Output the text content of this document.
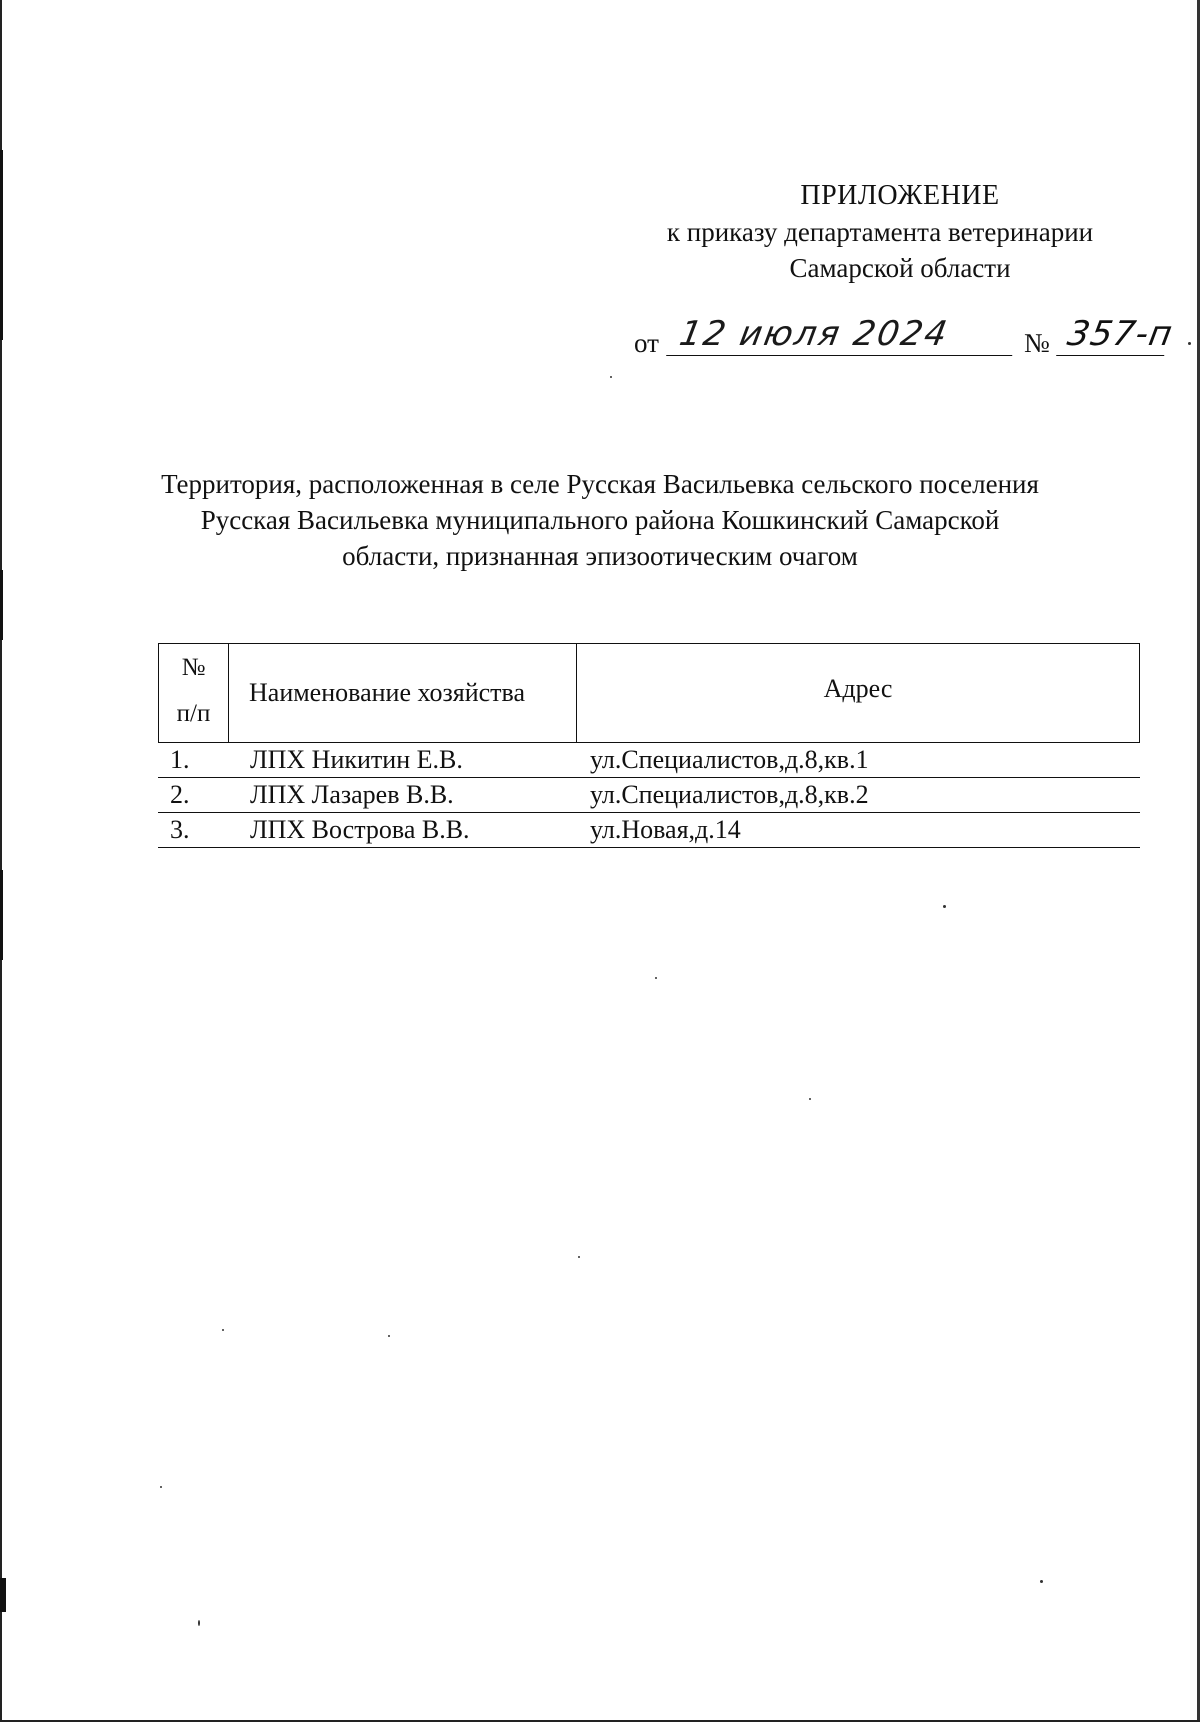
ПРИЛОЖЕНИЕ
к приказу департамента ветеринарии
Самарской области
от 12 июля 2024	№ 357-п
Территория, расположенная в селе Русская Васильевка сельского поселения
Русская Васильевка муниципального района Кошкинский Самарской
области, признанная эпизоотическим очагом
№
п/п
Наименование хозяйства	Адрес
1.	ЛПХ Никитин Е.В.	ул.Специалистов,д.8,кв.1
2.	ЛПХ Лазарев В.В.	ул.Специалистов,д.8,кв.2
3.	ЛПХ Вострова В.В.	ул.Новая,д.14
